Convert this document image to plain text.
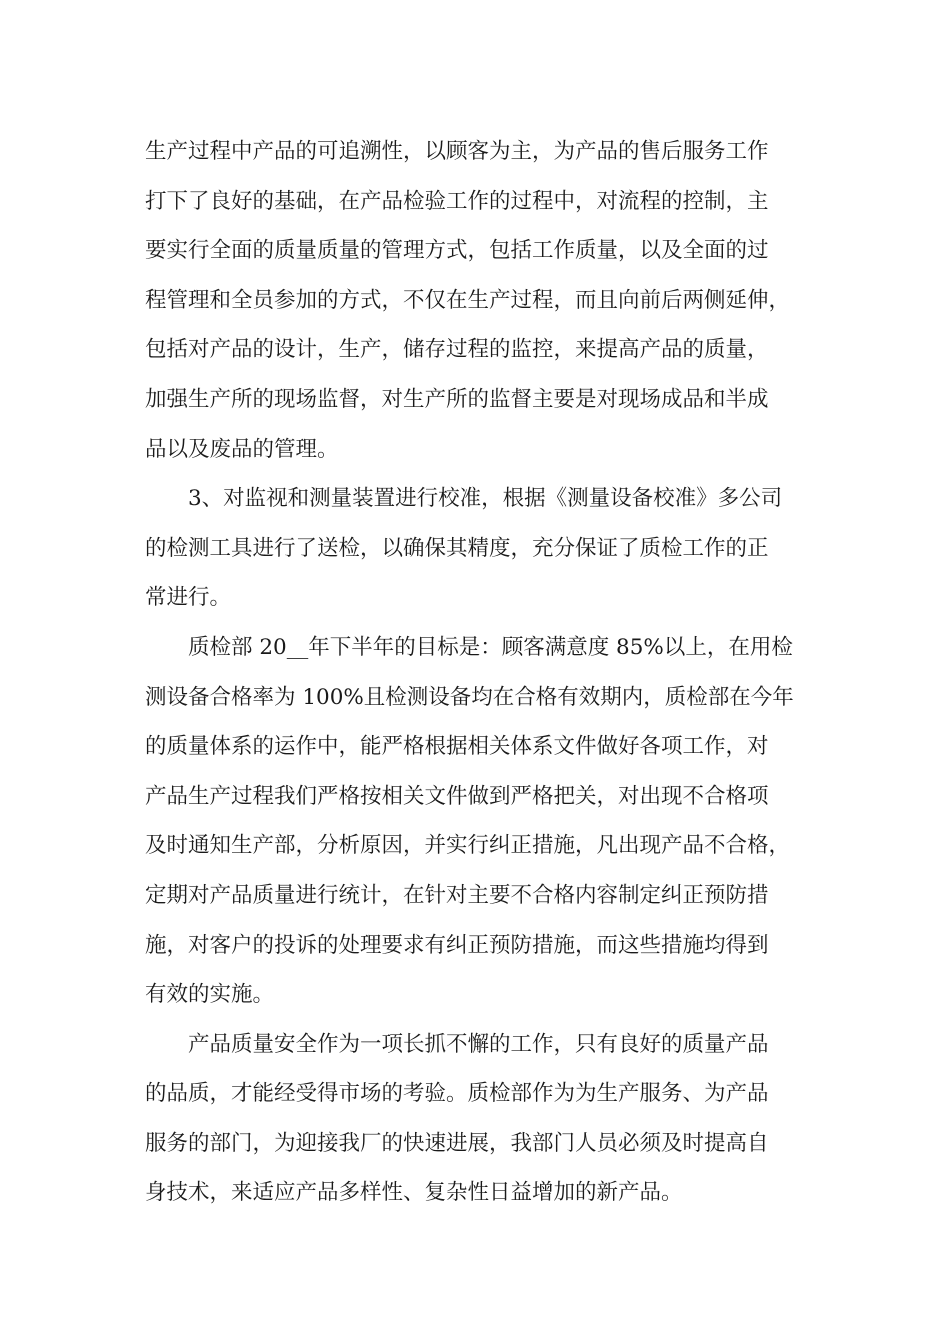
生产过程中产品的可追溯性，以顾客为主，为产品的售后服务工作
打下了良好的基础，在产品检验工作的过程中，对流程的控制，主
要实行全面的质量质量的管理方式，包括工作质量，以及全面的过
程管理和全员参加的方式，不仅在生产过程，而且向前后两侧延伸，
包括对产品的设计，生产，储存过程的监控，来提高产品的质量，
加强生产所的现场监督，对生产所的监督主要是对现场成品和半成
品以及废品的管理。
3、对监视和测量装置进行校准，根据《测量设备校准》多公司
的检测工具进行了送检，以确保其精度，充分保证了质检工作的正
常进行。
质检部 20__年下半年的目标是：顾客满意度 85%以上，在用检
测设备合格率为 100%且检测设备均在合格有效期内，质检部在今年
的质量体系的运作中，能严格根据相关体系文件做好各项工作，对
产品生产过程我们严格按相关文件做到严格把关，对出现不合格项
及时通知生产部，分析原因，并实行纠正措施，凡出现产品不合格，
定期对产品质量进行统计，在针对主要不合格内容制定纠正预防措
施，对客户的投诉的处理要求有纠正预防措施，而这些措施均得到
有效的实施。
产品质量安全作为一项长抓不懈的工作，只有良好的质量产品
的品质，才能经受得市场的考验。质检部作为为生产服务、为产品
服务的部门，为迎接我厂的快速进展，我部门人员必须及时提高自
身技术，来适应产品多样性、复杂性日益增加的新产品。
